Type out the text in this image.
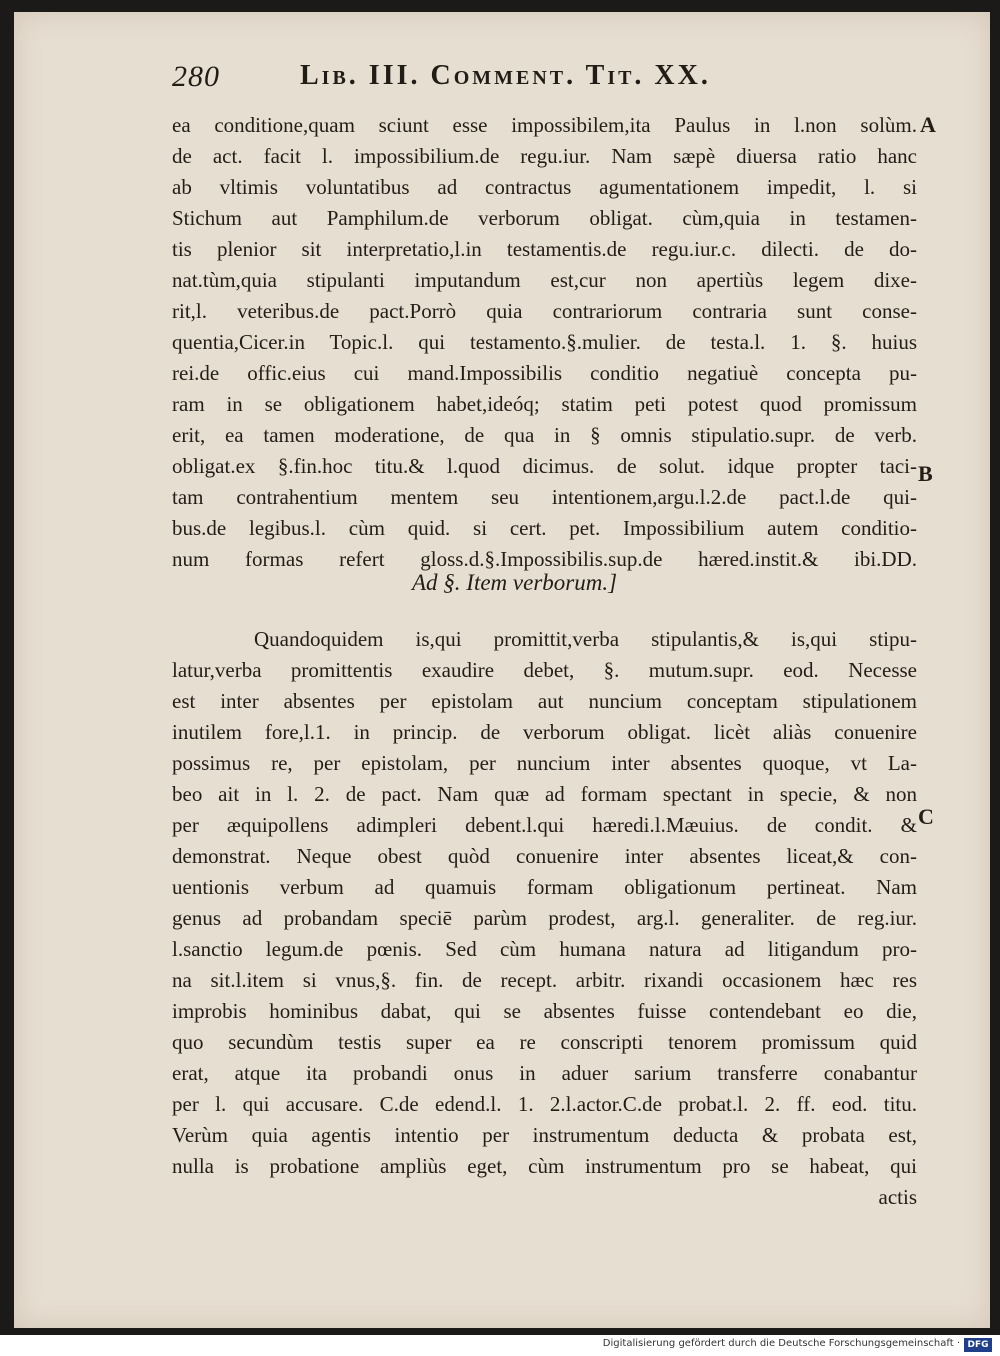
280	Lib. III. Comment. Tit. XX.
A
B
C
ea conditione,quam sciunt esse impossibilem,ita Paulus in l.non solùm.
de act. facit l. impossibilium.de regu.iur. Nam sæpè diuersa ratio hanc
ab vltimis voluntatibus ad contractus agumentationem impedit, l. si
Stichum aut Pamphilum.de verborum obligat. cùm,quia in testamen-
tis plenior sit interpretatio,l.in testamentis.de regu.iur.c. dilecti. de do-
nat.tùm,quia stipulanti imputandum est,cur non apertiùs legem dixe-
rit,l. veteribus.de pact.Porrò quia contrariorum contraria sunt conse-
quentia,Cicer.in Topic.l. qui testamento.§.mulier. de testa.l. 1. §. huius
rei.de offic.eius cui mand.Impossibilis conditio negatiuè concepta pu-
ram in se obligationem habet,ideóq; statim peti potest quod promissum
erit, ea tamen moderatione, de qua in § omnis stipulatio.supr. de verb.
obligat.ex §.fin.hoc titu.& l.quod dicimus. de solut. idque propter taci-
tam contrahentium mentem seu intentionem,argu.l.2.de pact.l.de qui-
bus.de legibus.l. cùm quid. si cert. pet. Impossibilium autem conditio-
num formas refert gloss.d.§.Impossibilis.sup.de hæred.instit.& ibi.DD.
Ad §. Item verborum.]
Quandoquidem is,qui promittit,verba stipulantis,& is,qui stipu-
latur,verba promittentis exaudire debet, §. mutum.supr. eod. Necesse
est inter absentes per epistolam aut nuncium conceptam stipulationem
inutilem fore,l.1. in princip. de verborum obligat. licèt aliàs conuenire
possimus re, per epistolam, per nuncium inter absentes quoque, vt La-
beo ait in l. 2. de pact. Nam quæ ad formam spectant in specie, & non
per æquipollens adimpleri debent.l.qui hæredi.l.Mæuius. de condit. &
demonstrat. Neque obest quòd conuenire inter absentes liceat,& con-
uentionis verbum ad quamuis formam obligationum pertineat. Nam
genus ad probandam speciē parùm prodest, arg.l. generaliter. de reg.iur.
l.sanctio legum.de pœnis. Sed cùm humana natura ad litigandum pro-
na sit.l.item si vnus,§. fin. de recept. arbitr. rixandi occasionem hæc res
improbis hominibus dabat, qui se absentes fuisse contendebant eo die,
quo secundùm testis super ea re conscripti tenorem promissum quid
erat, atque ita probandi onus in aduer sarium transferre conabantur
per l. qui accusare. C.de edend.l. 1. 2.l.actor.C.de probat.l. 2. ff. eod. titu.
Verùm quia agentis intentio per instrumentum deducta & probata est,
nulla is probatione ampliùs eget, cùm instrumentum pro se habeat, qui
actis
Digitalisierung gefördert durch die Deutsche Forschungsgemeinschaft · DFG
